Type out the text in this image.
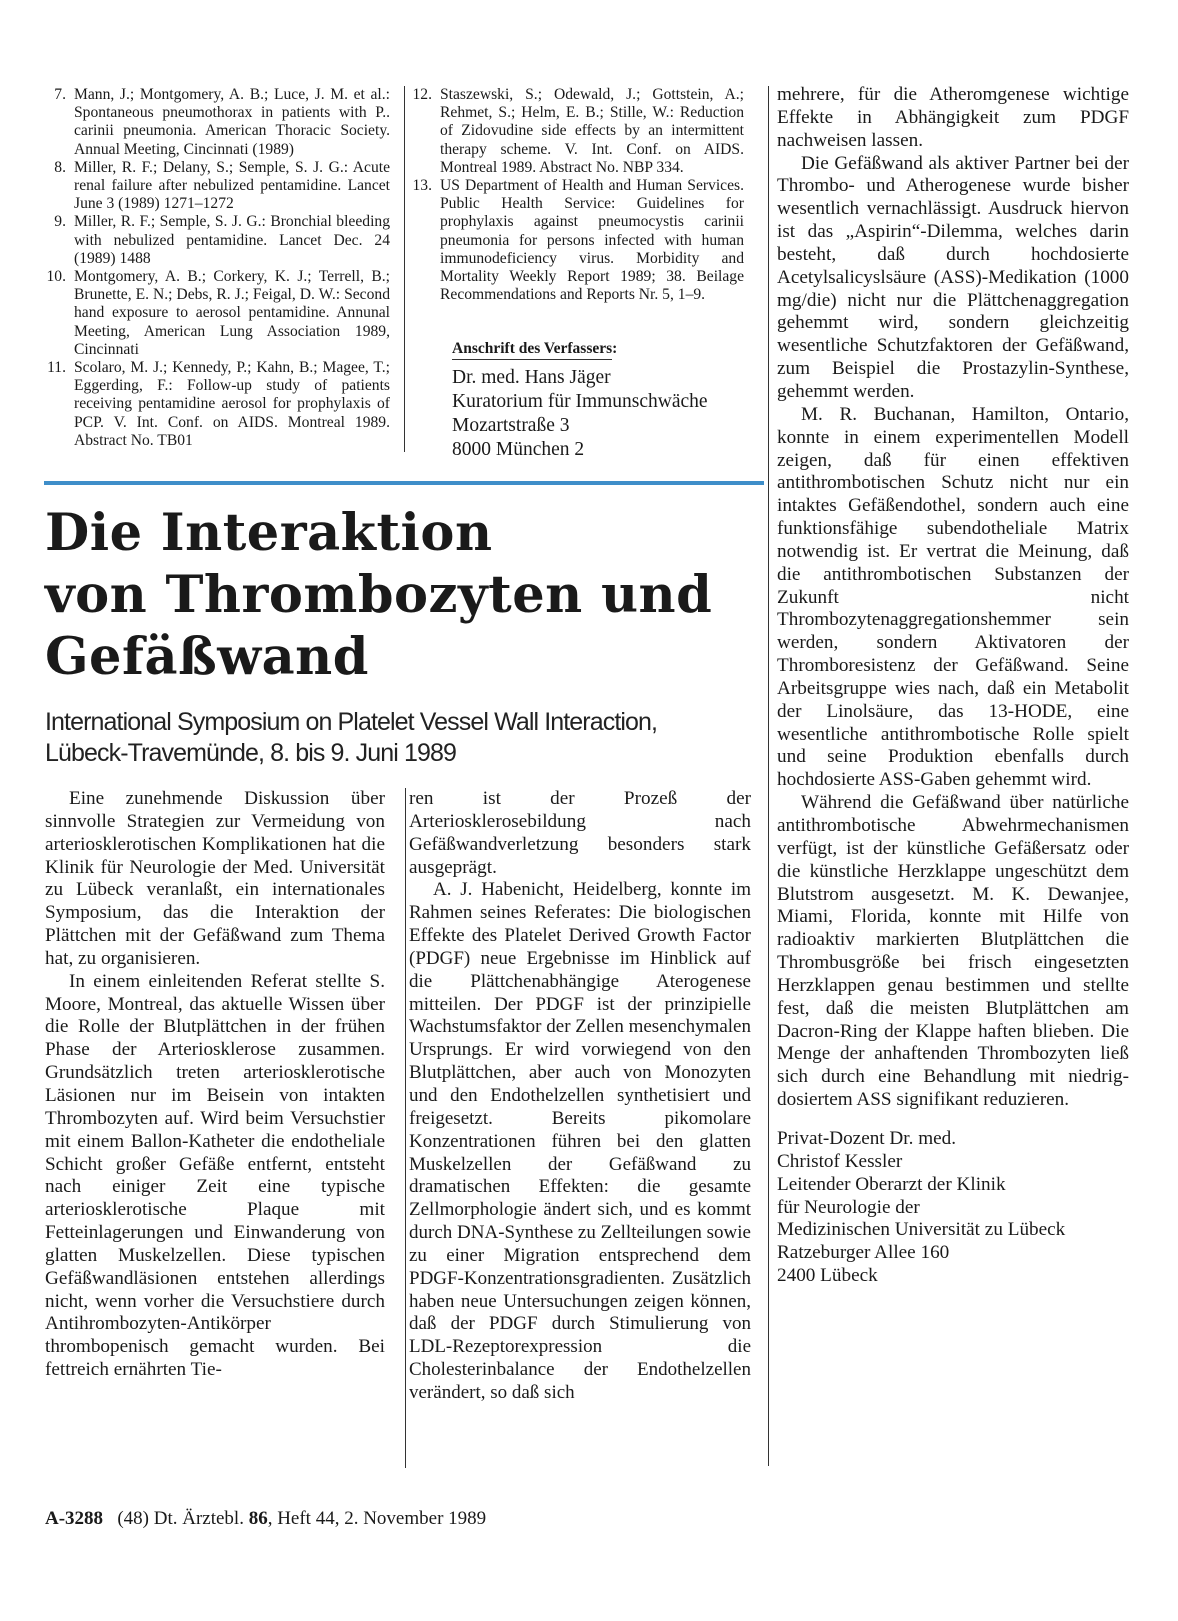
7. Mann, J.; Montgomery, A. B.; Luce, J. M. et al.: Spontaneous pneumothorax in patients with P.. carinii pneumonia. American Thoracic Society. Annual Meeting, Cincinnati (1989)
8. Miller, R. F.; Delany, S.; Semple, S. J. G.: Acute renal failure after nebulized pentamidine. Lancet June 3 (1989) 1271–1272
9. Miller, R. F.; Semple, S. J. G.: Bronchial bleeding with nebulized pentamidine. Lancet Dec. 24 (1989) 1488
10. Montgomery, A. B.; Corkery, K. J.; Terrell, B.; Brunette, E. N.; Debs, R. J.; Feigal, D. W.: Second hand exposure to aerosol pentamidine. Annunal Meeting, American Lung Association 1989, Cincinnati
11. Scolaro, M. J.; Kennedy, P.; Kahn, B.; Magee, T.; Eggerding, F.: Follow-up study of patients receiving pentamidine aerosol for prophylaxis of PCP. V. Int. Conf. on AIDS. Montreal 1989. Abstract No. TB01
12. Staszewski, S.; Odewald, J.; Gottstein, A.; Rehmet, S.; Helm, E. B.; Stille, W.: Reduction of Zidovudine side effects by an intermittent therapy scheme. V. Int. Conf. on AIDS. Montreal 1989. Abstract No. NBP 334.
13. US Department of Health and Human Services. Public Health Service: Guidelines for prophylaxis against pneumocystis carinii pneumonia for persons infected with human immunodeficiency virus. Morbidity and Mortality Weekly Report 1989; 38. Beilage Recommendations and Reports Nr. 5, 1–9.
Anschrift des Verfassers:
Dr. med. Hans Jäger
Kuratorium für Immunschwäche
Mozartstraße 3
8000 München 2
Die Interaktion
von Thrombozyten und
Gefäßwand
International Symposium on Platelet Vessel Wall Interaction,
Lübeck-Travemünde, 8. bis 9. Juni 1989

Eine zunehmende Diskussion über sinnvolle Strategien zur Vermeidung von arteriosklerotischen Komplikationen hat die Klinik für Neurologie der Med. Universität zu Lübeck veranlaßt, ein internationales Symposium, das die Interaktion der Plättchen mit der Gefäßwand zum Thema hat, zu organisieren.

In einem einleitenden Referat stellte S. Moore, Montreal, das aktuelle Wissen über die Rolle der Blutplättchen in der frühen Phase der Arteriosklerose zusammen. Grundsätzlich treten arteriosklerotische Läsionen nur im Beisein von intakten Thrombozyten auf. Wird beim Versuchstier mit einem Ballon-Katheter die endotheliale Schicht großer Gefäße entfernt, entsteht nach einiger Zeit eine typische arteriosklerotische Plaque mit Fetteinlagerungen und Einwanderung von glatten Muskelzellen. Diese typischen Gefäßwandläsionen entstehen allerdings nicht, wenn vorher die Versuchstiere durch Antihrombozyten-Antikörper thrombopenisch gemacht wurden. Bei fettreich ernährten Tie-

ren ist der Prozeß der Arteriosklerosebildung nach Gefäßwandverletzung besonders stark ausgeprägt.

A. J. Habenicht, Heidelberg, konnte im Rahmen seines Referates: Die biologischen Effekte des Platelet Derived Growth Factor (PDGF) neue Ergebnisse im Hinblick auf die Plättchenabhängige Aterogenese mitteilen. Der PDGF ist der prinzipielle Wachstumsfaktor der Zellen mesenchymalen Ursprungs. Er wird vorwiegend von den Blutplättchen, aber auch von Monozyten und den Endothelzellen synthetisiert und freigesetzt. Bereits pikomolare Konzentrationen führen bei den glatten Muskelzellen der Gefäßwand zu dramatischen Effekten: die gesamte Zellmorphologie ändert sich, und es kommt durch DNA-Synthese zu Zellteilungen sowie zu einer Migration entsprechend dem PDGF-Konzentrationsgradienten. Zusätzlich haben neue Untersuchungen zeigen können, daß der PDGF durch Stimulierung von LDL-Rezeptorexpression die Cholesterinbalance der Endothelzellen verändert, so daß sich

mehrere, für die Atheromgenese wichtige Effekte in Abhängigkeit zum PDGF nachweisen lassen.

Die Gefäßwand als aktiver Partner bei der Thrombo- und Atherogenese wurde bisher wesentlich vernachlässigt. Ausdruck hiervon ist das „Aspirin“-Dilemma, welches darin besteht, daß durch hochdosierte Acetylsalicyslsäure (ASS)-Medikation (1000 mg/die) nicht nur die Plättchenaggregation gehemmt wird, sondern gleichzeitig wesentliche Schutzfaktoren der Gefäßwand, zum Beispiel die Prostazylin-Synthese, gehemmt werden.

M. R. Buchanan, Hamilton, Ontario, konnte in einem experimentellen Modell zeigen, daß für einen effektiven antithrombotischen Schutz nicht nur ein intaktes Gefäßendothel, sondern auch eine funktionsfähige subendotheliale Matrix notwendig ist. Er vertrat die Meinung, daß die antithrombotischen Substanzen der Zukunft nicht Thrombozytenaggregationshemmer sein werden, sondern Aktivatoren der Thromboresistenz der Gefäßwand. Seine Arbeitsgruppe wies nach, daß ein Metabolit der Linolsäure, das 13-HODE, eine wesentliche antithrombotische Rolle spielt und seine Produktion ebenfalls durch hochdosierte ASS-Gaben gehemmt wird.

Während die Gefäßwand über natürliche antithrombotische Abwehrmechanismen verfügt, ist der künstliche Gefäßersatz oder die künstliche Herzklappe ungeschützt dem Blutstrom ausgesetzt. M. K. Dewanjee, Miami, Florida, konnte mit Hilfe von radioaktiv markierten Blutplättchen die Thrombusgröße bei frisch eingesetzten Herzklappen genau bestimmen und stellte fest, daß die meisten Blutplättchen am Dacron-Ring der Klappe haften blieben. Die Menge der anhaftenden Thrombozyten ließ sich durch eine Behandlung mit niedrig-dosiertem ASS signifikant reduzieren.

Privat-Dozent Dr. med.
Christof Kessler
Leitender Oberarzt der Klinik
für Neurologie der
Medizinischen Universität zu Lübeck
Ratzeburger Allee 160
2400 Lübeck
A-3288 (48) Dt. Ärztebl. 86, Heft 44, 2. November 1989
